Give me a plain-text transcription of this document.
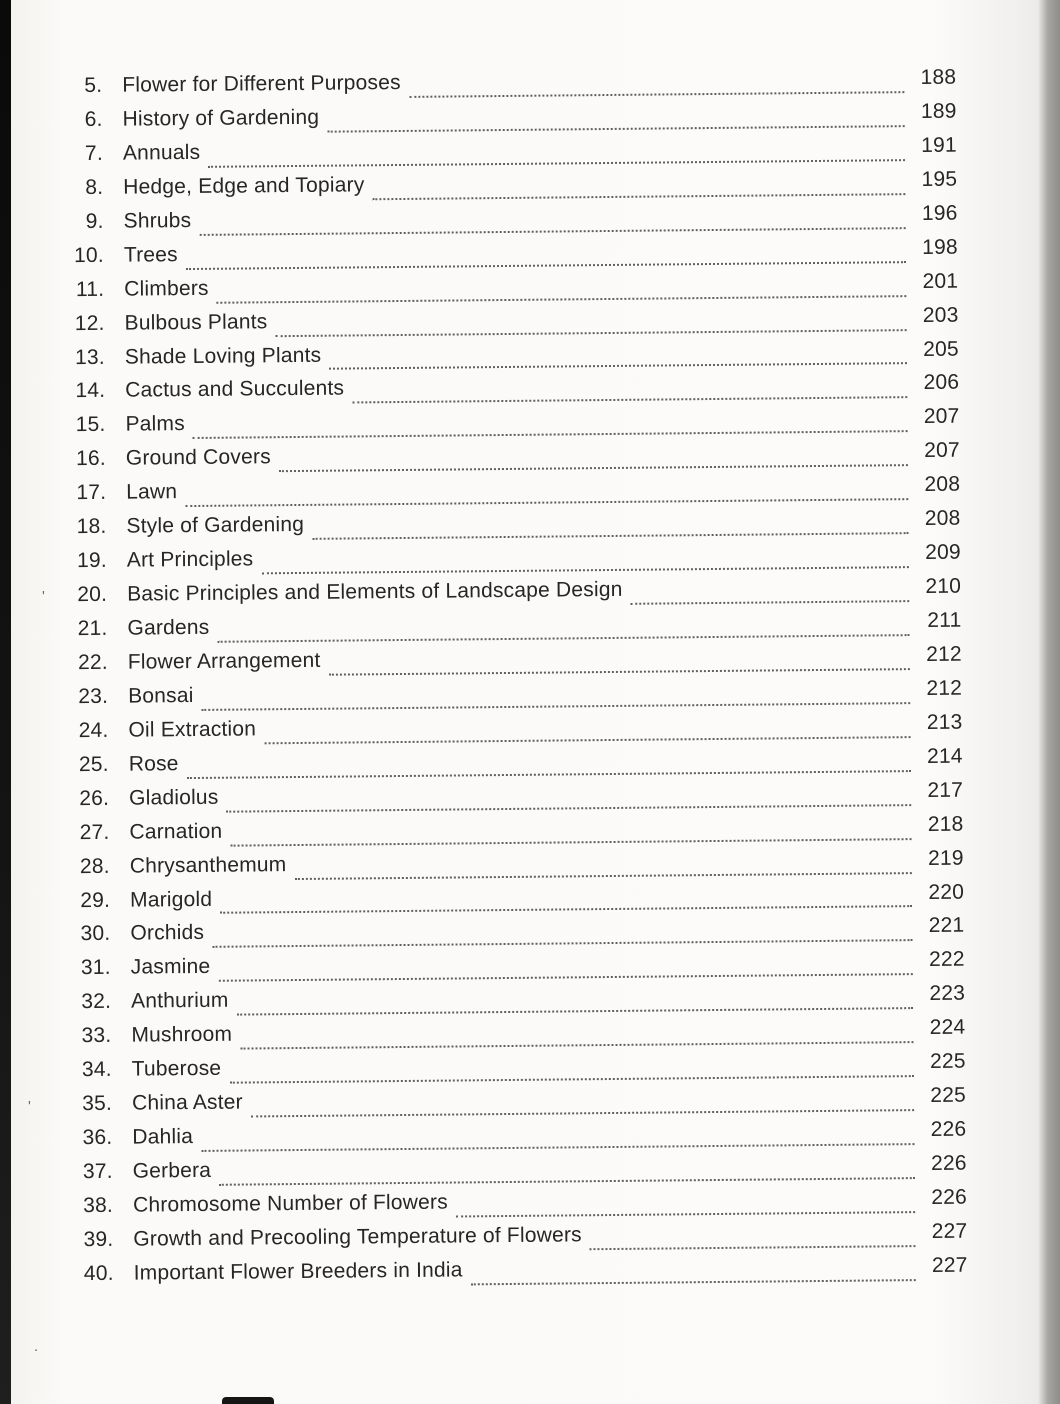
'
'
.
5. Flower for Different Purposes	188
6. History of Gardening	189
7. Annuals	191
8. Hedge, Edge and Topiary	195
9. Shrubs	196
10. Trees	198
11. Climbers	201
12. Bulbous Plants	203
13. Shade Loving Plants	205
14. Cactus and Succulents	206
15. Palms	207
16. Ground Covers	207
17. Lawn	208
18. Style of Gardening	208
19. Art Principles	209
20. Basic Principles and Elements of Landscape Design	210
21. Gardens	211
22. Flower Arrangement	212
23. Bonsai	212
24. Oil Extraction	213
25. Rose	214
26. Gladiolus	217
27. Carnation	218
28. Chrysanthemum	219
29. Marigold	220
30. Orchids	221
31. Jasmine	222
32. Anthurium	223
33. Mushroom	224
34. Tuberose	225
35. China Aster	225
36. Dahlia	226
37. Gerbera	226
38. Chromosome Number of Flowers	226
39. Growth and Precooling Temperature of Flowers	227
40. Important Flower Breeders in India	227
